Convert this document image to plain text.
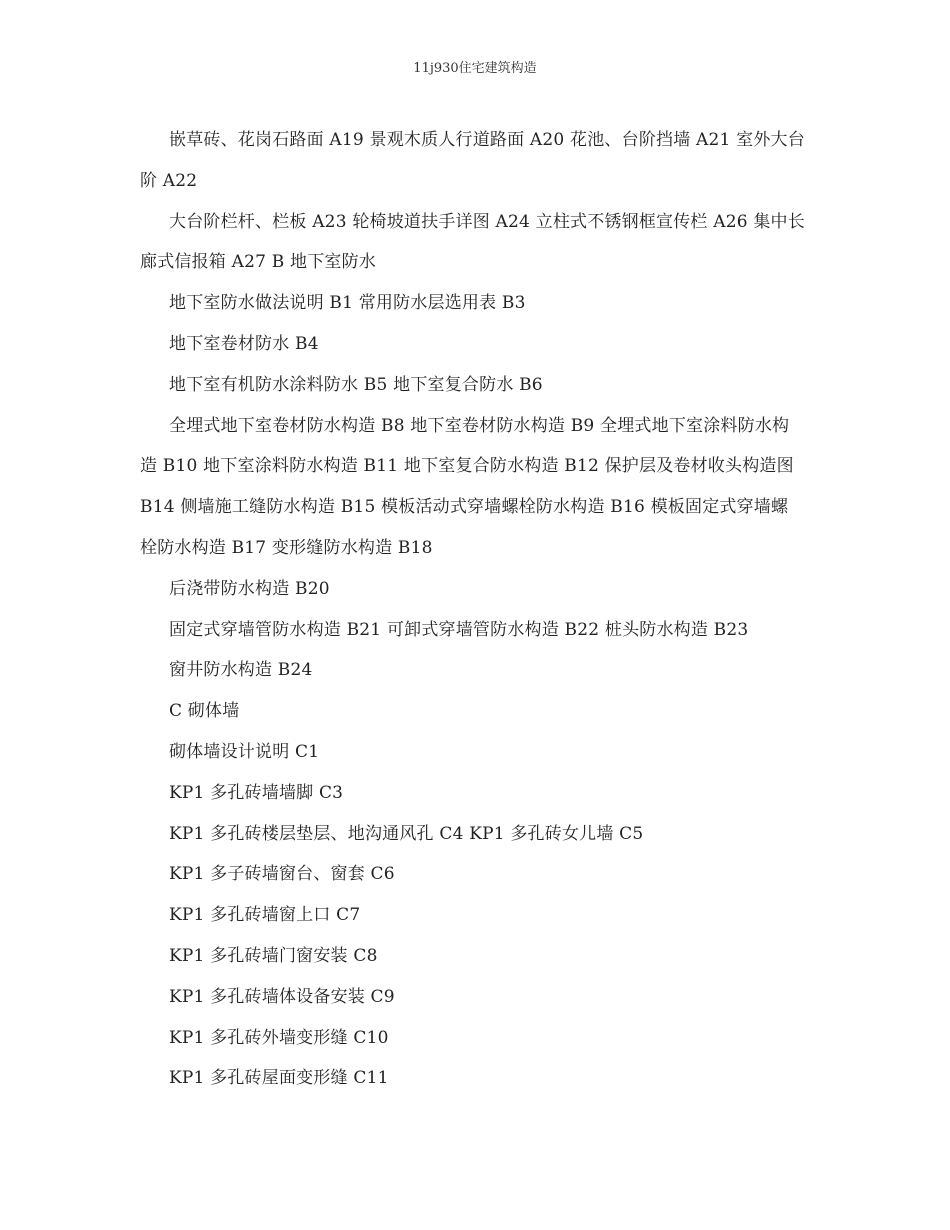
11j930住宅建筑构造

嵌草砖、花岗石路面 A19 景观木质人行道路面 A20 花池、台阶挡墙 A21 室外大台阶 A22

大台阶栏杆、栏板 A23 轮椅坡道扶手详图 A24 立柱式不锈钢框宣传栏 A26 集中长廊式信报箱 A27 B 地下室防水

地下室防水做法说明 B1 常用防水层选用表 B3

地下室卷材防水 B4

地下室有机防水涂料防水 B5 地下室复合防水 B6

全埋式地下室卷材防水构造 B8 地下室卷材防水构造 B9 全埋式地下室涂料防水构造 B10 地下室涂料防水构造 B11 地下室复合防水构造 B12 保护层及卷材收头构造图 B14 侧墙施工缝防水构造 B15 模板活动式穿墙螺栓防水构造 B16 模板固定式穿墙螺栓防水构造 B17 变形缝防水构造 B18

后浇带防水构造 B20

固定式穿墙管防水构造 B21 可卸式穿墙管防水构造 B22 桩头防水构造 B23

窗井防水构造 B24

C 砌体墙

砌体墙设计说明 C1

KP1 多孔砖墙墙脚 C3

KP1 多孔砖楼层垫层、地沟通风孔 C4 KP1 多孔砖女儿墙 C5

KP1 多子砖墙窗台、窗套 C6

KP1 多孔砖墙窗上口 C7

KP1 多孔砖墙门窗安装 C8

KP1 多孔砖墙体设备安装 C9

KP1 多孔砖外墙变形缝 C10

KP1 多孔砖屋面变形缝 C11
